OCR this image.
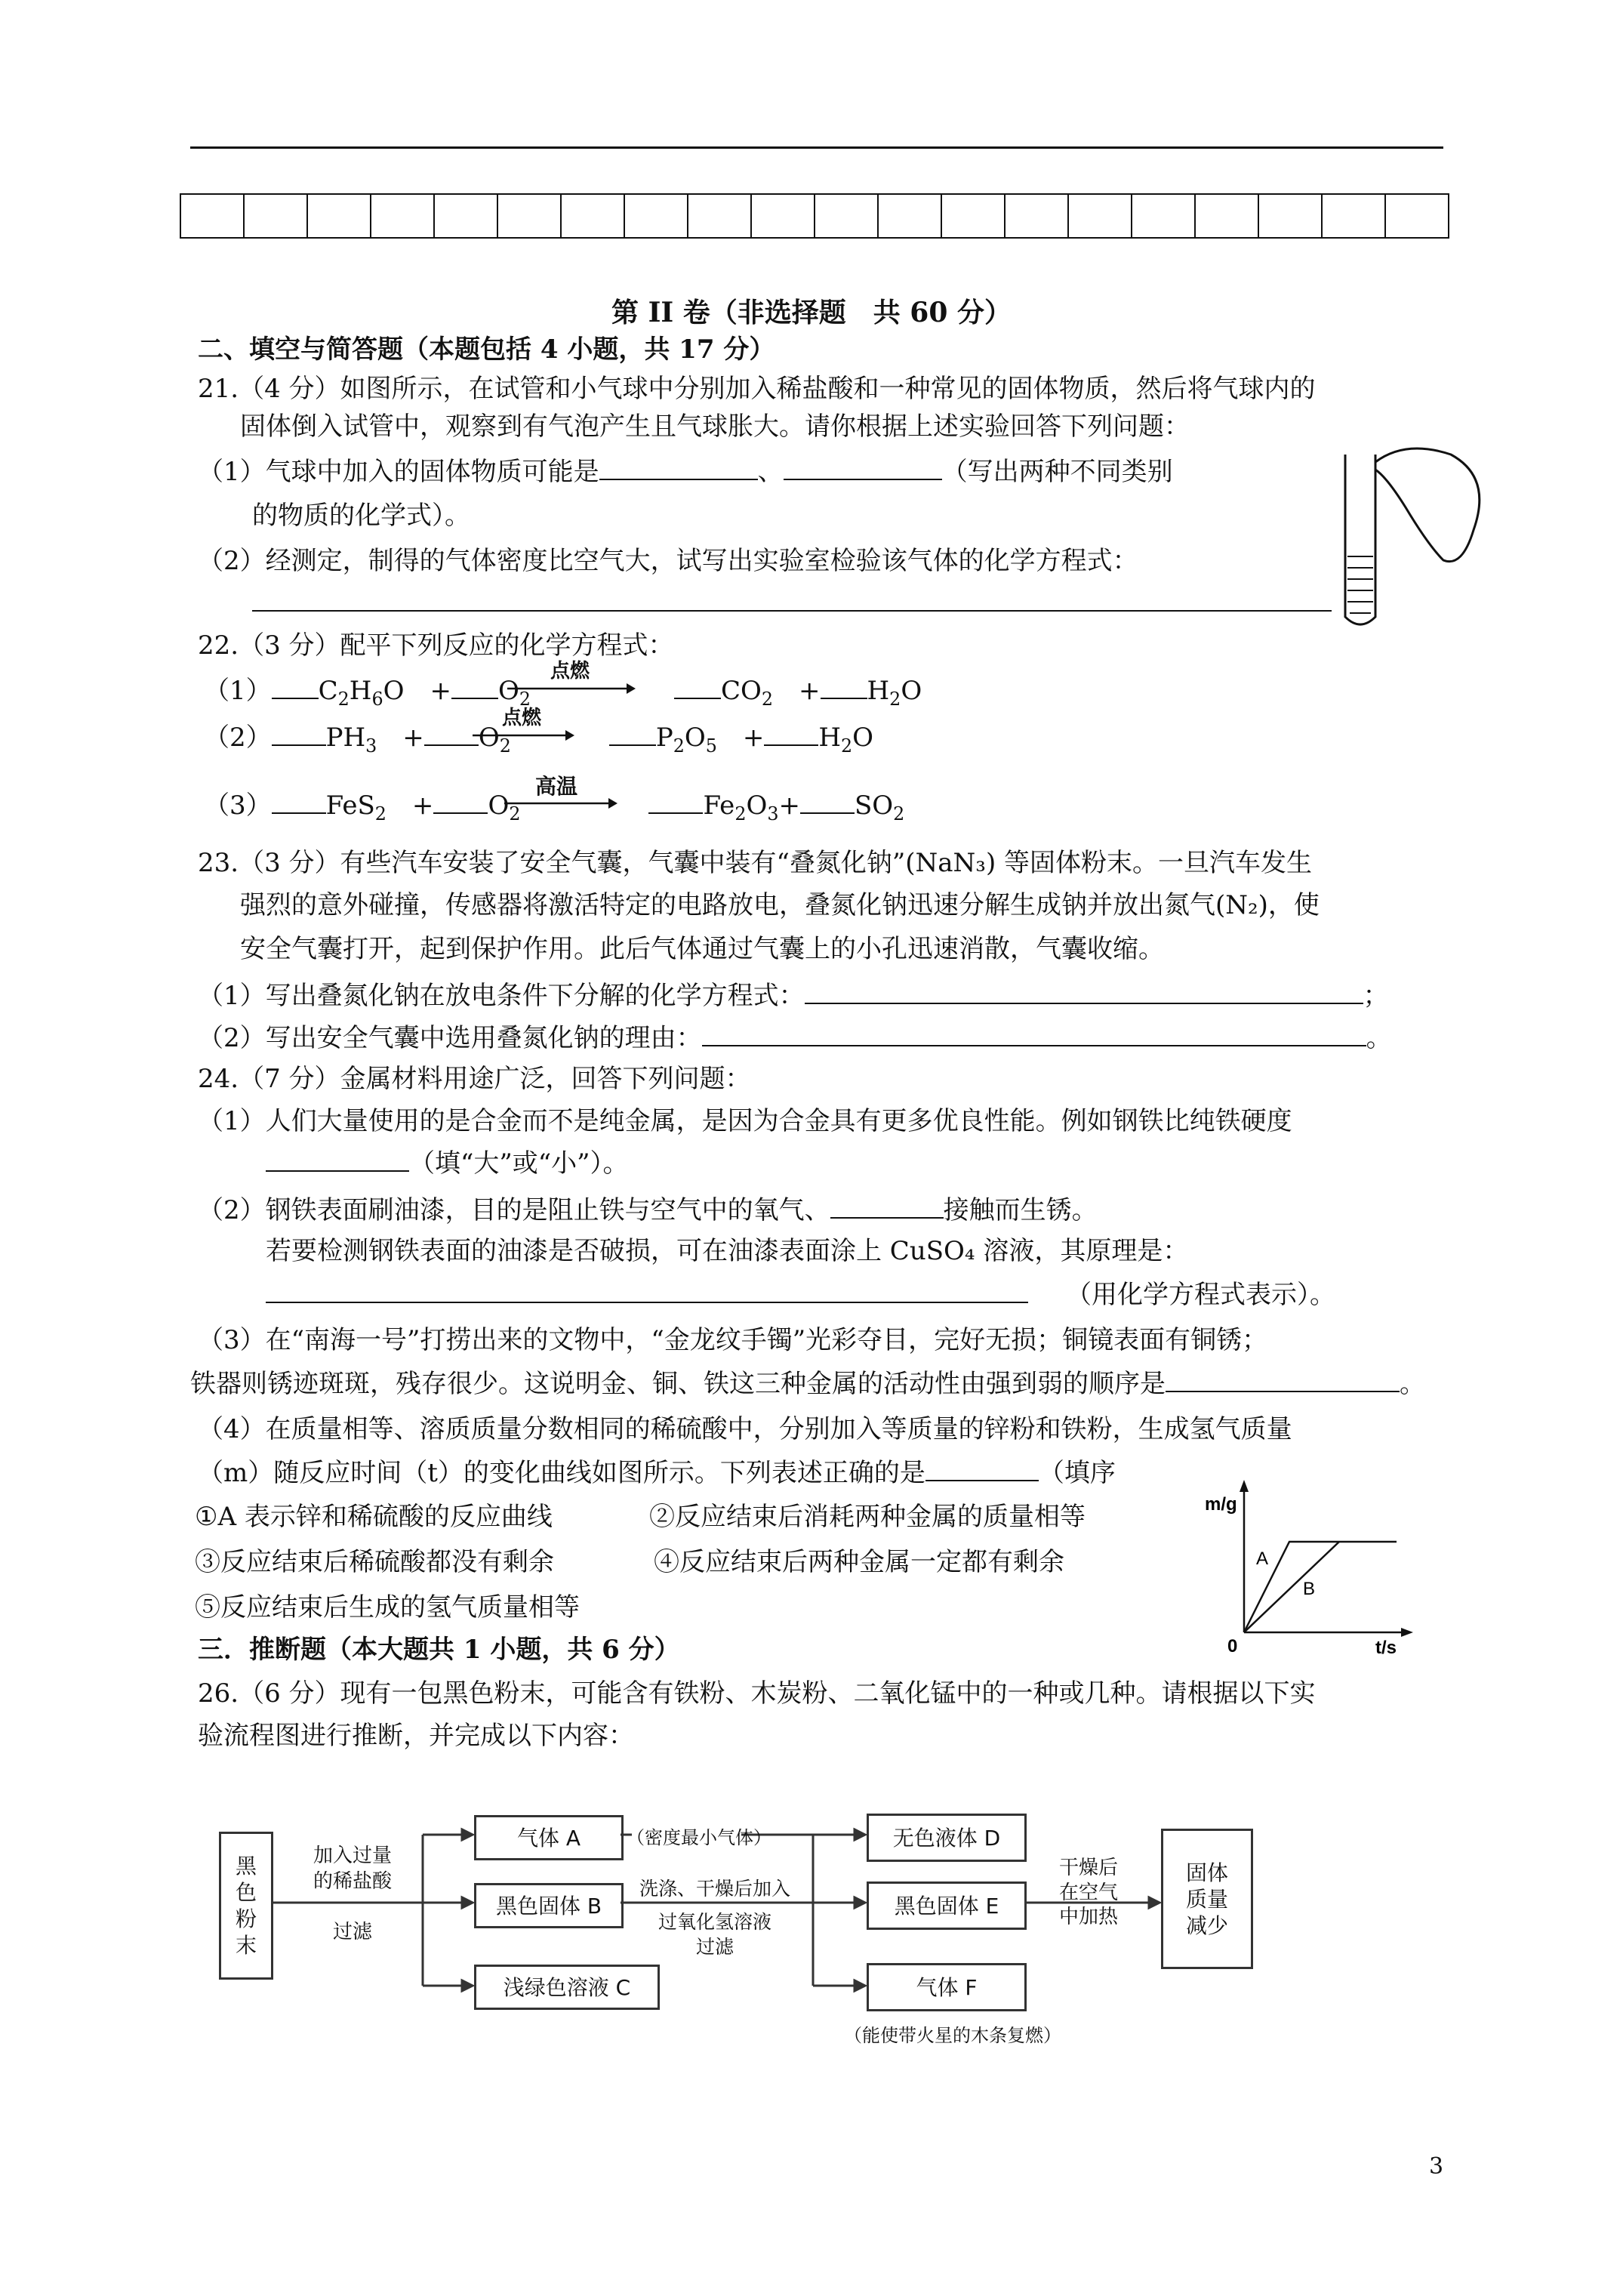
第 II 卷（非选择题　共 60 分）
二、填空与简答题（本题包括 4 小题，共 17 分）
21.（4 分）如图所示，在试管和小气球中分别加入稀盐酸和一种常见的固体物质，然后将气球内的
固体倒入试管中，观察到有气泡产生且气球胀大。请你根据上述实验回答下列问题：
（1）气球中加入的固体物质可能是	、	（写出两种不同类别
的物质的化学式）。
（2）经测定，制得的气体密度比空气大，试写出实验室检验该气体的化学方程式：
22.（3 分）配平下列反应的化学方程式：
（1） $C_2H_6O$　+ $O_2$	$CO_2$　+ $H_2O$
点燃
（2） $PH_3$　+ $O_2$	$P_2O_5$　+ $H_2O$
点燃
（3） FeS$_2$　+ $O_2$	$Fe_2O_3+ SO_2$
高温
23.（3 分）有些汽车安装了安全气囊，气囊中装有“叠氮化钠”(NaN₃) 等固体粉末。一旦汽车发生
强烈的意外碰撞，传感器将激活特定的电路放电，叠氮化钠迅速分解生成钠并放出氮气(N₂)，使
安全气囊打开，起到保护作用。此后气体通过气囊上的小孔迅速消散，气囊收缩。
（1）写出叠氮化钠在放电条件下分解的化学方程式：	；
（2）写出安全气囊中选用叠氮化钠的理由：	。
24.（7 分）金属材料用途广泛，回答下列问题：
（1）人们大量使用的是合金而不是纯金属，是因为合金具有更多优良性能。例如钢铁比纯铁硬度
（填“大”或“小”）。
（2）钢铁表面刷油漆，目的是阻止铁与空气中的氧气、	接触而生锈。
若要检测钢铁表面的油漆是否破损，可在油漆表面涂上 CuSO₄ 溶液，其原理是：
（用化学方程式表示）。
（3）在“南海一号”打捞出来的文物中，“金龙纹手镯”光彩夺目，完好无损；铜镜表面有铜锈；
铁器则锈迹斑斑，残存很少。这说明金、铜、铁这三种金属的活动性由强到弱的顺序是	。
（4）在质量相等、溶质质量分数相同的稀硫酸中，分别加入等质量的锌粉和铁粉，生成氢气质量
（m）随反应时间（t）的变化曲线如图所示。下列表述正确的是	（填序
①A 表示锌和稀硫酸的反应曲线	②反应结束后消耗两种金属的质量相等
③反应结束后稀硫酸都没有剩余	④反应结束后两种金属一定都有剩余
⑤反应结束后生成的氢气质量相等
m/g
t/s
0
A
B
三．推断题（本大题共 1 小题，共 6 分）
26.（6 分）现有一包黑色粉末，可能含有铁粉、木炭粉、二氧化锰中的一种或几种。请根据以下实
验流程图进行推断，并完成以下内容：
黑
色
粉
末
加入过量
的稀盐酸
过滤
气体 A	（密度最小气体）
黑色固体 B
浅绿色溶液 C
洗涤、干燥后加入
过氧化氢溶液
过滤
无色液体 D
黑色固体 E
气体 F
（能使带火星的木条复燃）
干燥后
在空气
中加热
固体
质量
减少
3
